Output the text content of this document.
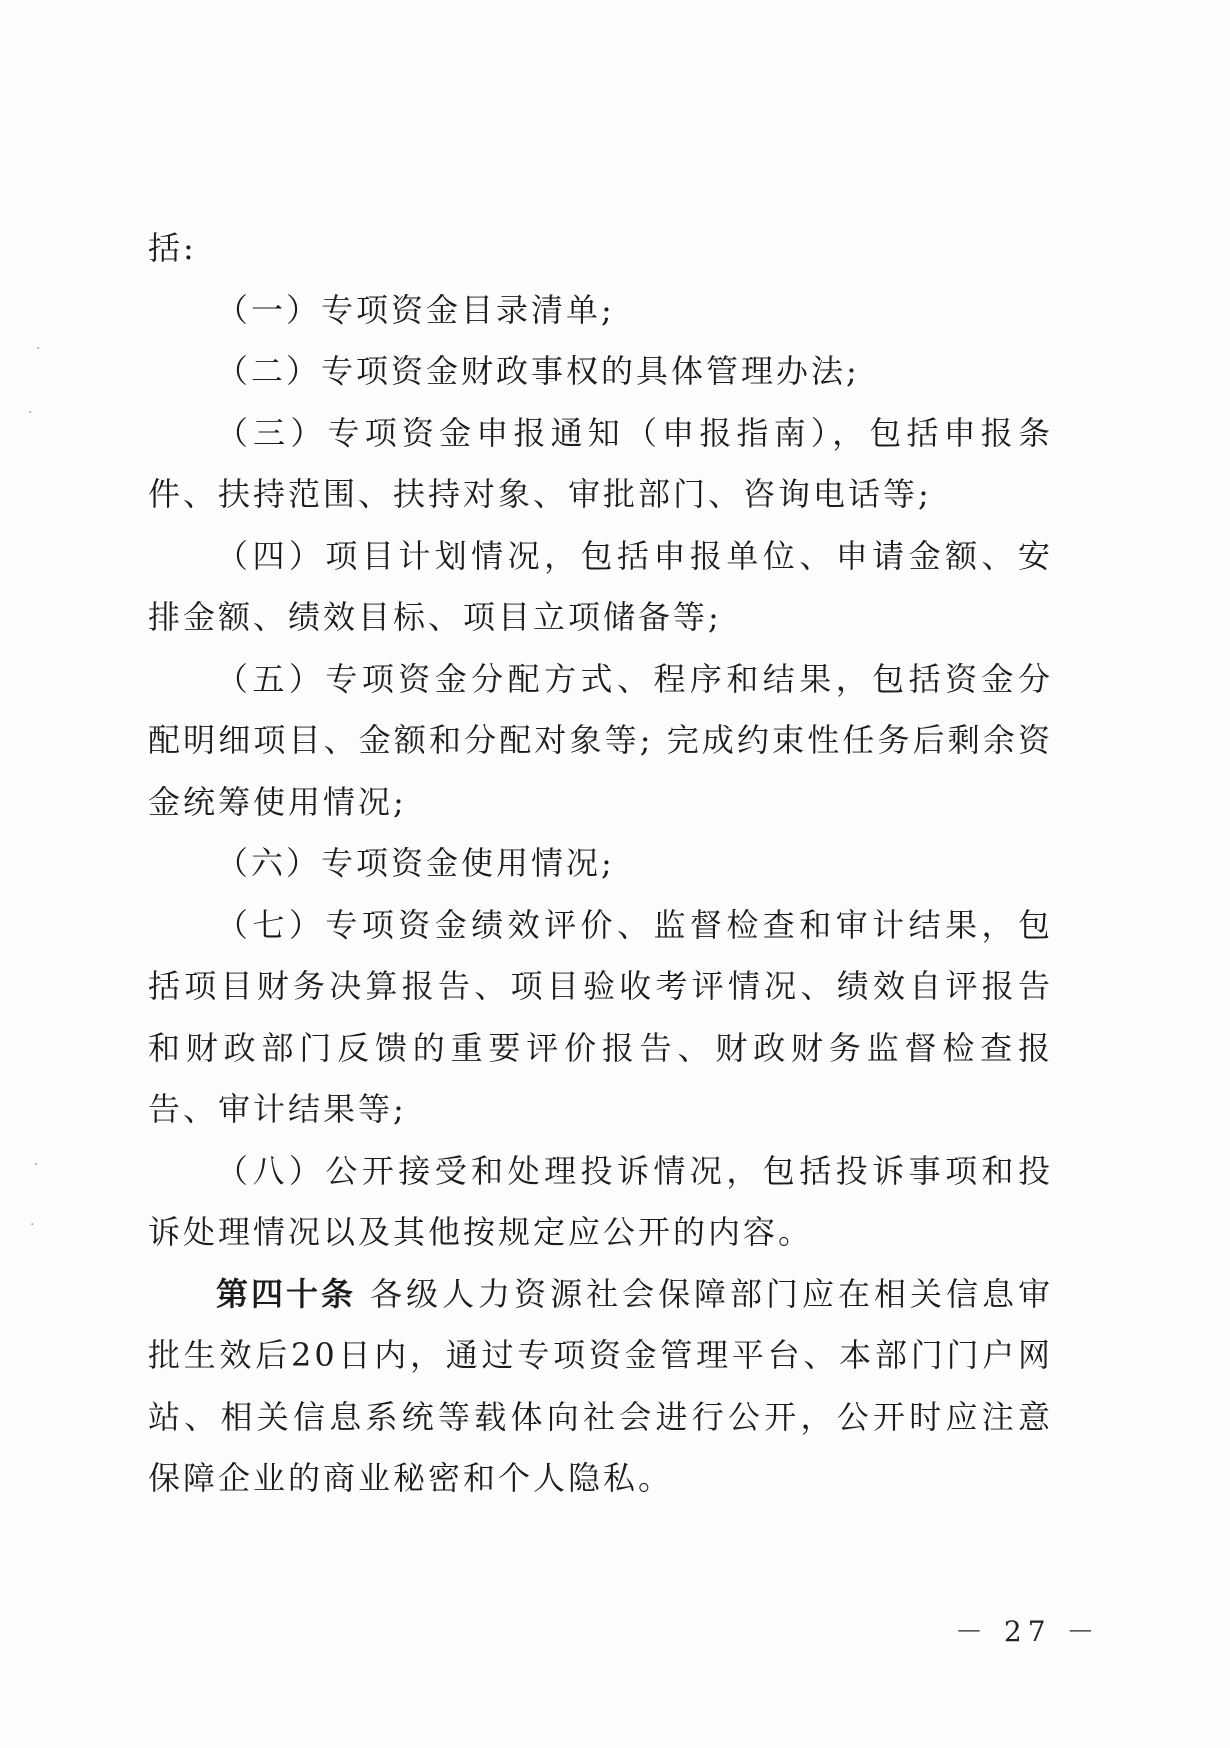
·
·
·
·

括:

（一）专项资金目录清单;

（二）专项资金财政事权的具体管理办法;

（三）专项资金申报通知（申报指南），包括申报条件、扶持范围、扶持对象、审批部门、咨询电话等;

（四）项目计划情况，包括申报单位、申请金额、安排金额、绩效目标、项目立项储备等;

（五）专项资金分配方式、程序和结果，包括资金分配明细项目、金额和分配对象等; 完成约束性任务后剩余资金统筹使用情况;

（六）专项资金使用情况;

（七）专项资金绩效评价、监督检查和审计结果，包括项目财务决算报告、项目验收考评情况、绩效自评报告和财政部门反馈的重要评价报告、财政财务监督检查报告、审计结果等;

（八）公开接受和处理投诉情况，包括投诉事项和投诉处理情况以及其他按规定应公开的内容。

第四十条 各级人力资源社会保障部门应在相关信息审批生效后20日内，通过专项资金管理平台、本部门门户网站、相关信息系统等载体向社会进行公开，公开时应注意保障企业的商业秘密和个人隐私。

－ 27 －
